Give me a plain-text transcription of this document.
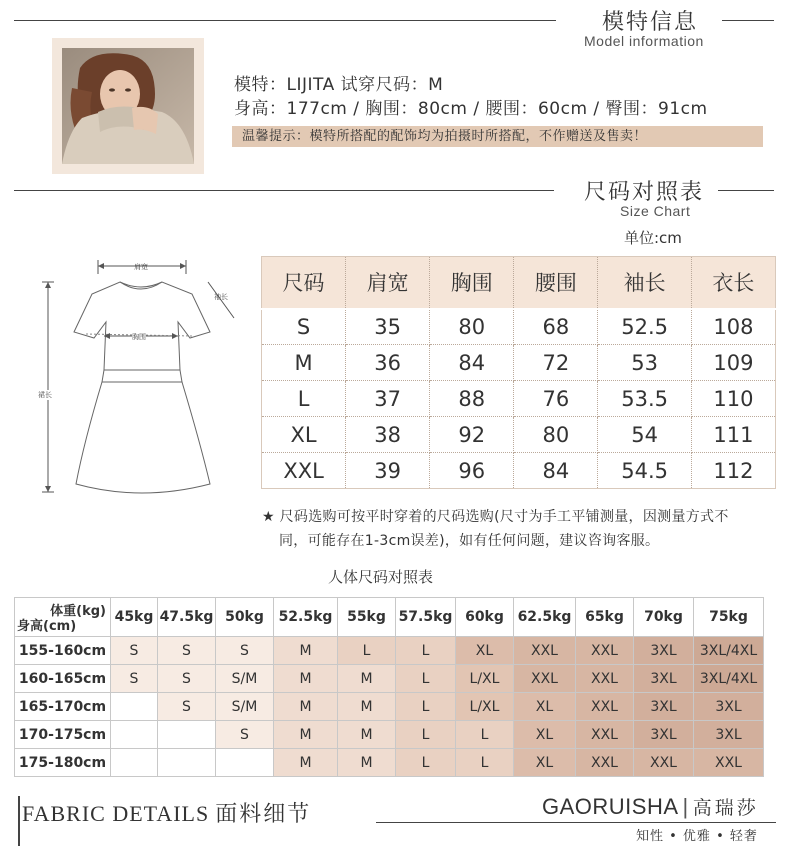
模特信息
Model information
模特：LIJITA 试穿尺码：M
身高：177cm / 胸围：80cm / 腰围：60cm / 臀围：91cm
温馨提示：模特所搭配的配饰均为拍摄时所搭配，不作赠送及售卖！
尺码对照表
Size Chart
单位:cm
肩宽
袖长
胸围
裙长
尺码	肩宽	胸围	腰围	袖长	衣长
S	35	80	68	52.5	108
M	36	84	72	53	109
L	37	88	76	53.5	110
XL	38	92	80	54	111
XXL	39	96	84	54.5	112
★ 尺码选购可按平时穿着的尺码选购(尺寸为手工平铺测量，因测量方式不
同，可能存在1-3cm误差)，如有任何问题，建议咨询客服。
人体尺码对照表
体重(kg)
身高(cm)	45kg	47.5kg	50kg	52.5kg	55kg	57.5kg	60kg	62.5kg	65kg	70kg	75kg
155-160cm	S	S	S	M	L	L	XL	XXL	XXL	3XL	3XL/4XL
160-165cm	S	S	S/M	M	M	L	L/XL	XXL	XXL	3XL	3XL/4XL
165-170cm		S	S/M	M	M	L	L/XL	XL	XXL	3XL	3XL
170-175cm			S	M	M	L	L	XL	XXL	3XL	3XL
175-180cm				M	M	L	L	XL	XXL	XXL	XXL
FABRIC DETAILS 面料细节	GAORUISHA | 高瑞莎
知性 • 优雅 • 轻奢
